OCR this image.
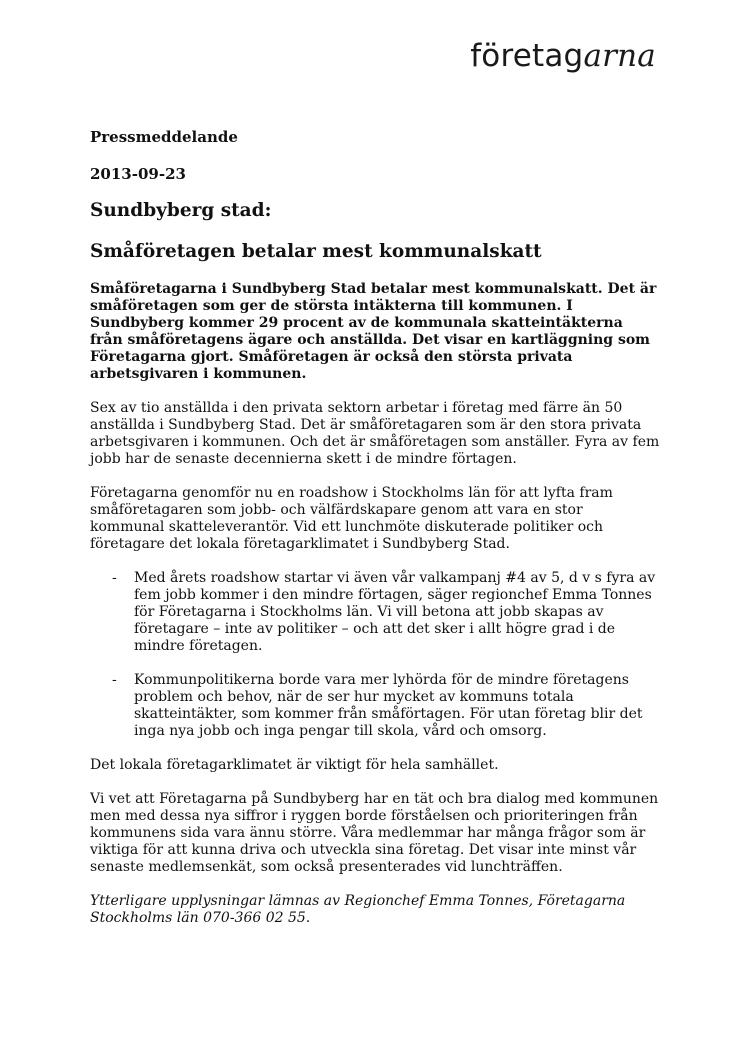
företagarna
Pressmeddelande
2013-09-23
Sundbyberg stad:
Småföretagen betalar mest kommunalskatt

Småföretagarna i Sundbyberg Stad betalar mest kommunalskatt. Det är småföretagen som ger de största intäkterna till kommunen. I Sundbyberg kommer 29 procent av de kommunala skatteintäkterna från småföretagens ägare och anställda. Det visar en kartläggning som Företagarna gjort. Småföretagen är också den största privata arbetsgivaren i kommunen.

Sex av tio anställda i den privata sektorn arbetar i företag med färre än 50 anställda i Sundbyberg Stad. Det är småföretagaren som är den stora privata arbetsgivaren i kommunen. Och det är småföretagen som anställer. Fyra av fem jobb har de senaste decennierna skett i de mindre förtagen.

Företagarna genomför nu en roadshow i Stockholms län för att lyfta fram småföretagaren som jobb- och välfärdskapare genom att vara en stor kommunal skatteleverantör. Vid ett lunchmöte diskuterade politiker och företagare det lokala företagarklimatet i Sundbyberg Stad.

- Med årets roadshow startar vi även vår valkampanj #4 av 5, d v s fyra av fem jobb kommer i den mindre förtagen, säger regionchef Emma Tonnes för Företagarna i Stockholms län. Vi vill betona att jobb skapas av företagare – inte av politiker – och att det sker i allt högre grad i de mindre företagen.
- Kommunpolitikerna borde vara mer lyhörda för de mindre företagens problem och behov, när de ser hur mycket av kommuns totala skatteintäkter, som kommer från småförtagen. För utan företag blir det inga nya jobb och inga pengar till skola, vård och omsorg.

Det lokala företagarklimatet är viktigt för hela samhället.

Vi vet att Företagarna på Sundbyberg har en tät och bra dialog med kommunen men med dessa nya siffror i ryggen borde förståelsen och prioriteringen från kommunens sida vara ännu större. Våra medlemmar har många frågor som är viktiga för att kunna driva och utveckla sina företag. Det visar inte minst vår senaste medlemsenkät, som också presenterades vid lunchträffen.

Ytterligare upplysningar lämnas av Regionchef Emma Tonnes, Företagarna Stockholms län 070-366 02 55.
